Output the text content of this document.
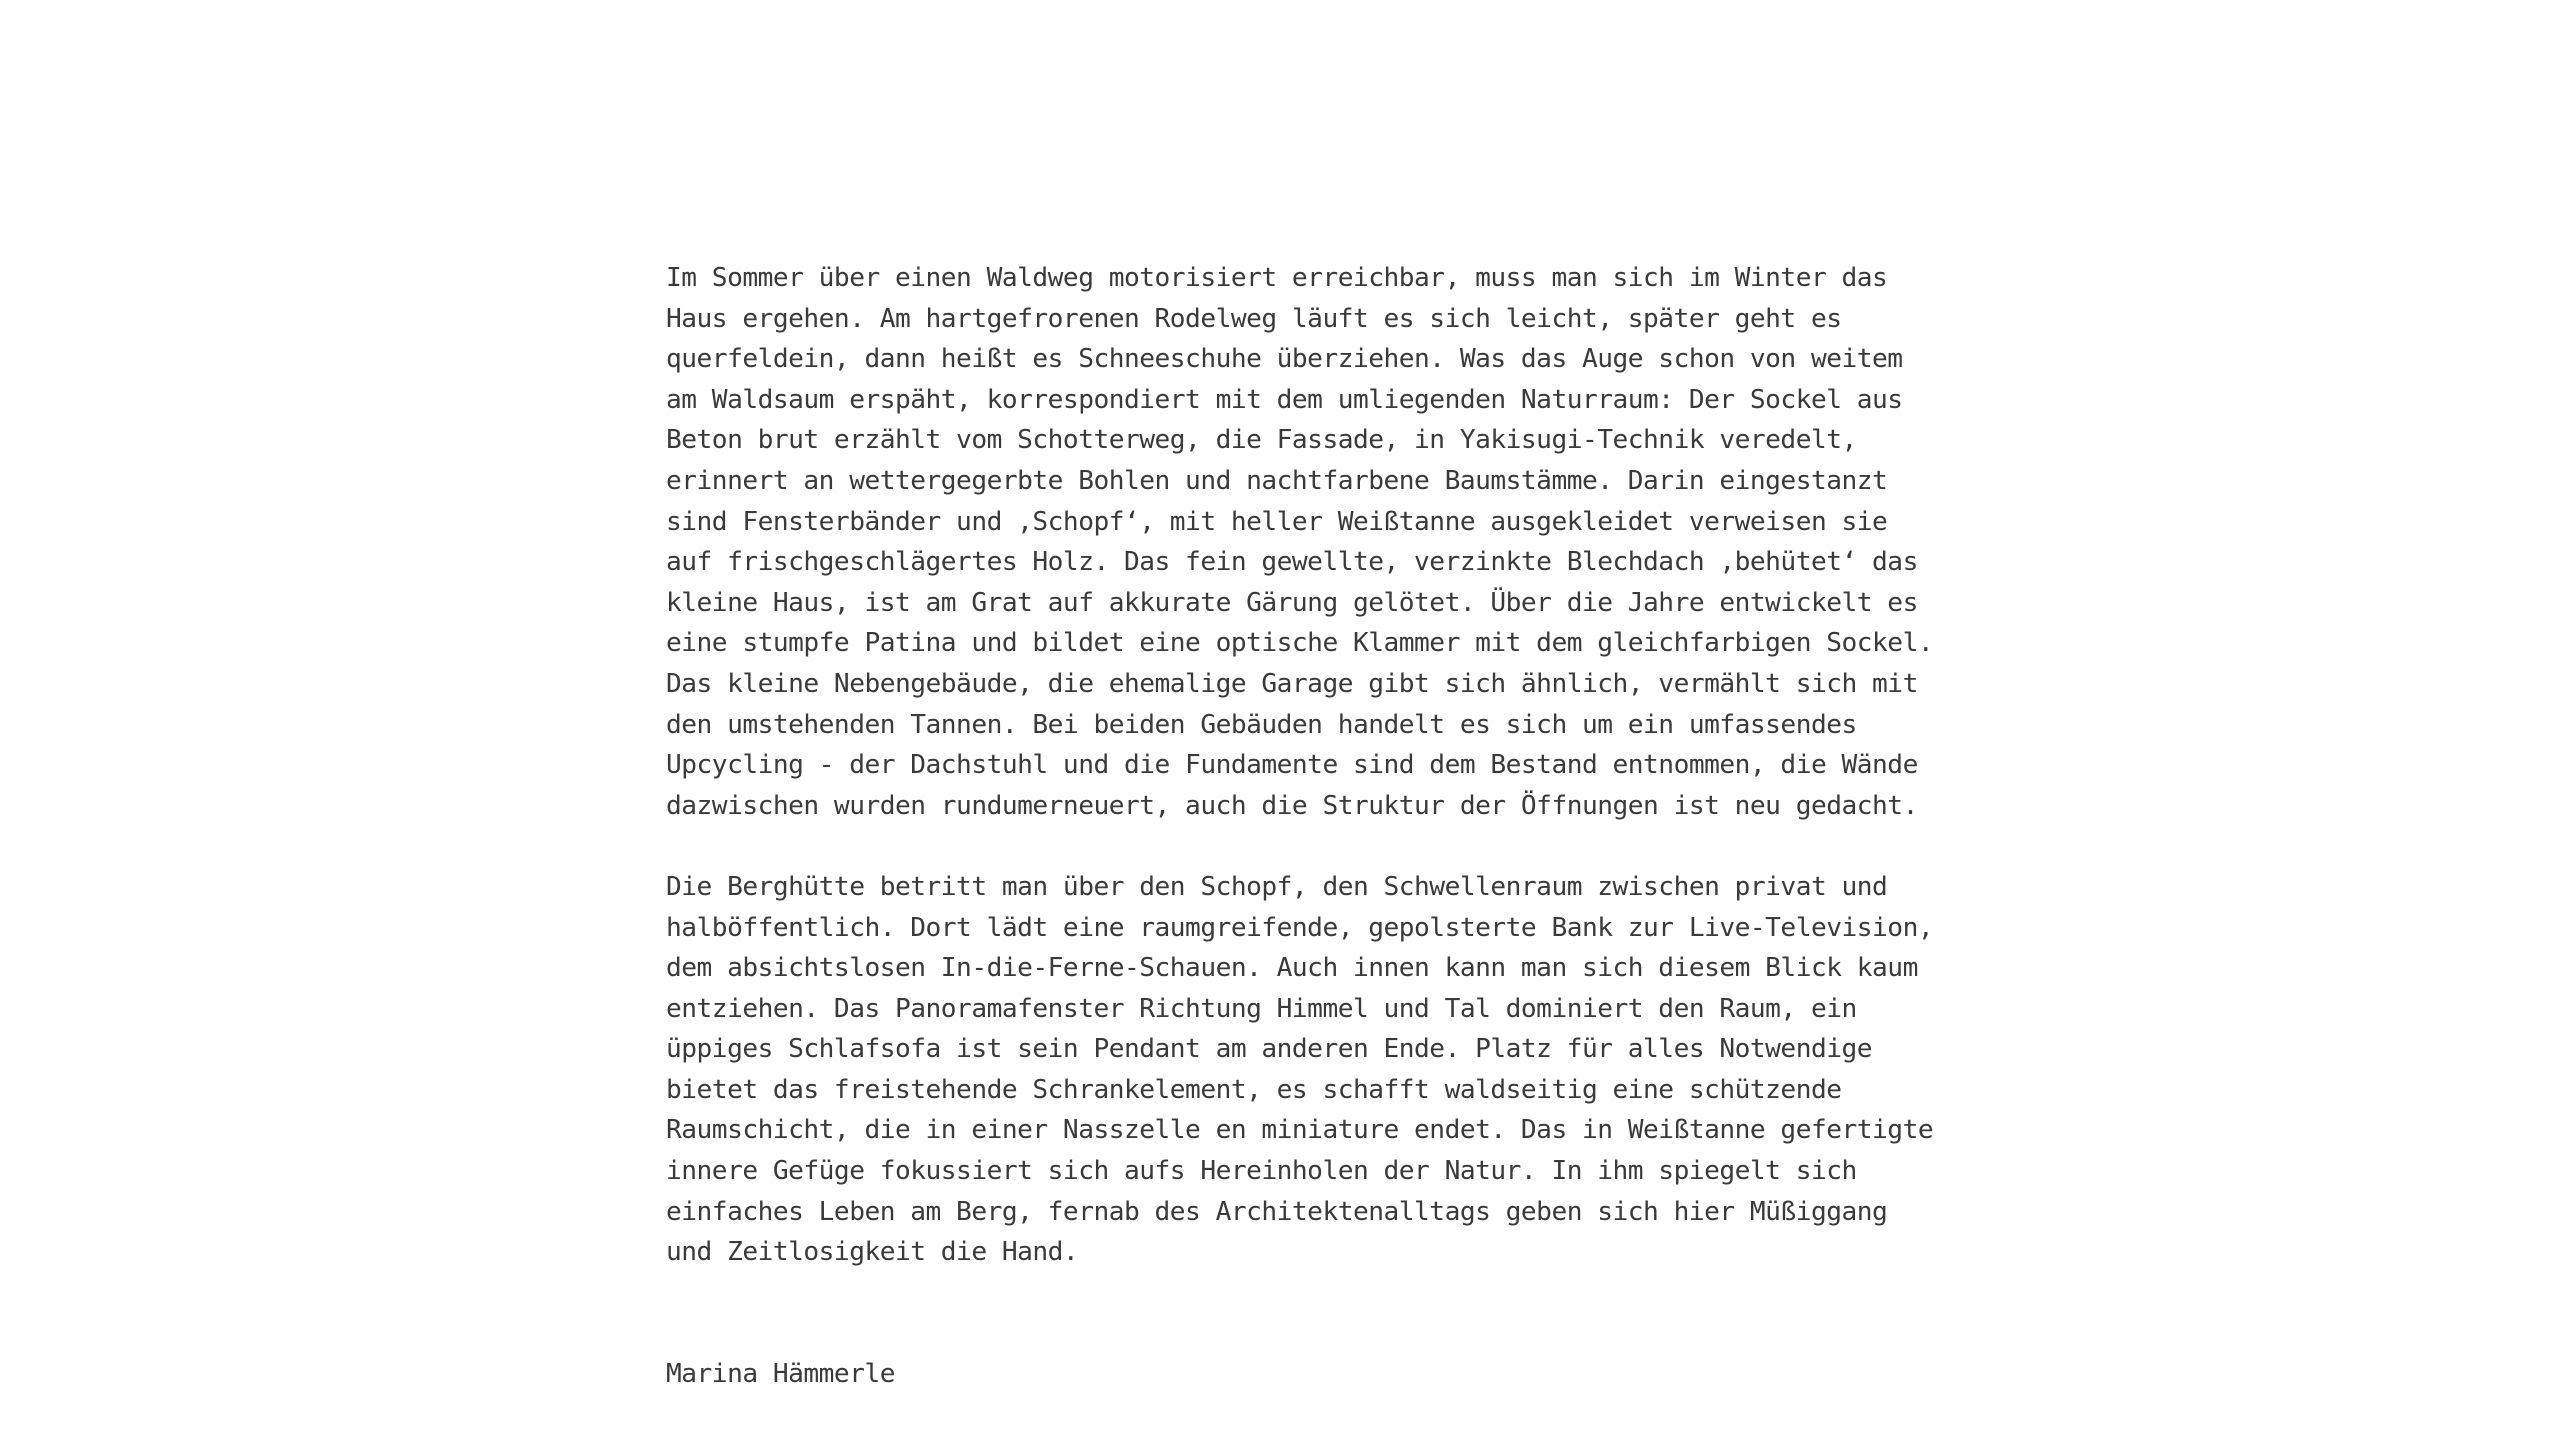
Im Sommer über einen Waldweg motorisiert erreichbar, muss man sich im Winter das
Haus ergehen. Am hartgefrorenen Rodelweg läuft es sich leicht, später geht es
querfeldein, dann heißt es Schneeschuhe überziehen. Was das Auge schon von weitem
am Waldsaum erspäht, korrespondiert mit dem umliegenden Naturraum: Der Sockel aus
Beton brut erzählt vom Schotterweg, die Fassade, in Yakisugi-Technik veredelt,
erinnert an wettergegerbte Bohlen und nachtfarbene Baumstämme. Darin eingestanzt
sind Fensterbänder und ‚Schopf‘, mit heller Weißtanne ausgekleidet verweisen sie
auf frischgeschlägertes Holz. Das fein gewellte, verzinkte Blechdach ‚behütet‘ das
kleine Haus, ist am Grat auf akkurate Gärung gelötet. Über die Jahre entwickelt es
eine stumpfe Patina und bildet eine optische Klammer mit dem gleichfarbigen Sockel.
Das kleine Nebengebäude, die ehemalige Garage gibt sich ähnlich, vermählt sich mit
den umstehenden Tannen. Bei beiden Gebäuden handelt es sich um ein umfassendes
Upcycling - der Dachstuhl und die Fundamente sind dem Bestand entnommen, die Wände
dazwischen wurden rundumerneuert, auch die Struktur der Öffnungen ist neu gedacht.

Die Berghütte betritt man über den Schopf, den Schwellenraum zwischen privat und
halböffentlich. Dort lädt eine raumgreifende, gepolsterte Bank zur Live-Television,
dem absichtslosen In-die-Ferne-Schauen. Auch innen kann man sich diesem Blick kaum
entziehen. Das Panoramafenster Richtung Himmel und Tal dominiert den Raum, ein
üppiges Schlafsofa ist sein Pendant am anderen Ende. Platz für alles Notwendige
bietet das freistehende Schrankelement, es schafft waldseitig eine schützende
Raumschicht, die in einer Nasszelle en miniature endet. Das in Weißtanne gefertigte
innere Gefüge fokussiert sich aufs Hereinholen der Natur. In ihm spiegelt sich
einfaches Leben am Berg, fernab des Architektenalltags geben sich hier Müßiggang
und Zeitlosigkeit die Hand.

Marina Hämmerle
